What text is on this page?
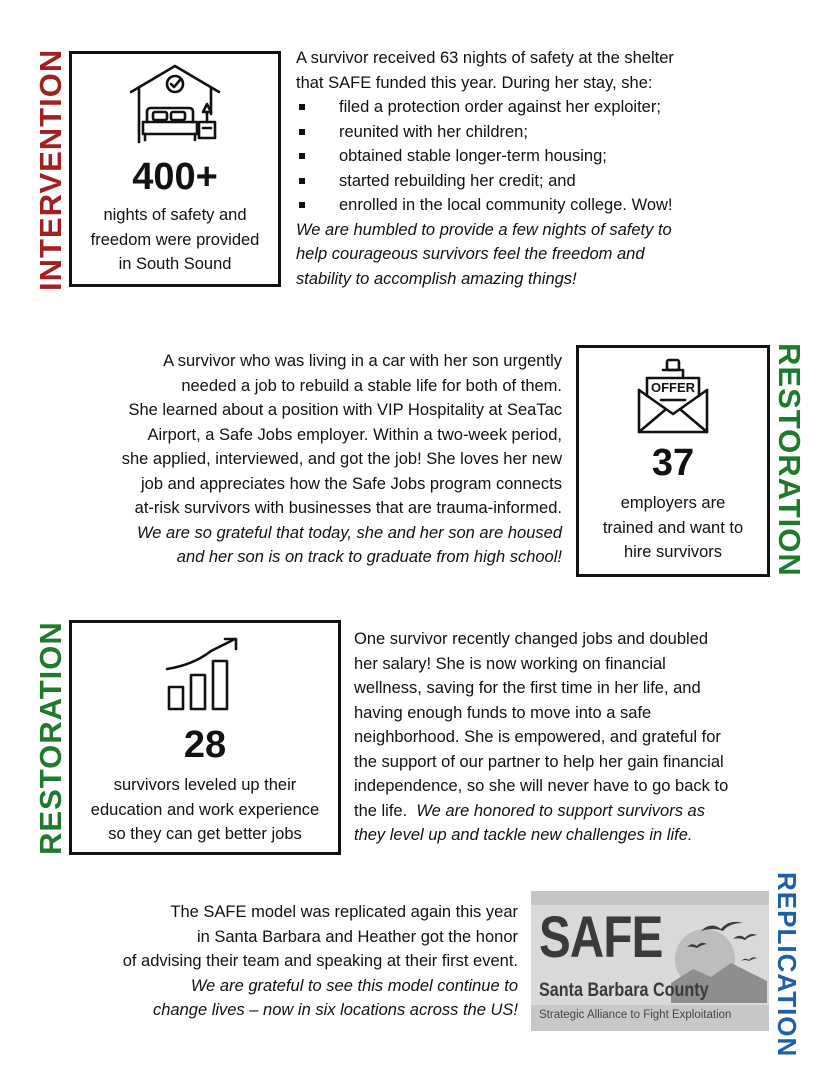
INTERVENTION	400+
nights of safety and
freedom were provided
in South Sound

A survivor received 63 nights of safety at the shelter

that SAFE funded this year. During her stay, she:

filed a protection order against her exploiter;
reunited with her children;
obtained stable longer-term housing;
started rebuilding her credit; and
enrolled in the local community college. Wow!

We are humbled to provide a few nights of safety to

help courageous survivors feel the freedom and

stability to accomplish amazing things!

A survivor who was living in a car with her son urgently

needed a job to rebuild a stable life for both of them.

She learned about a position with VIP Hospitality at SeaTac

Airport, a Safe Jobs employer. Within a two-week period,

she applied, interviewed, and got the job! She loves her new

job and appreciates how the Safe Jobs program connects

at-risk survivors with businesses that are trauma-informed.

We are so grateful that today, she and her son are housed

and her son is on track to graduate from high school!

OFFER
37
employers are
trained and want to
hire survivors	RESTORATION
RESTORATION	28
survivors leveled up their
education and work experience
so they can get better jobs

One survivor recently changed jobs and doubled

her salary! She is now working on financial

wellness, saving for the first time in her life, and

having enough funds to move into a safe

neighborhood. She is empowered, and grateful for

the support of our partner to help her gain financial

independence, so she will never have to go back to

the life.  We are honored to support survivors as

they level up and tackle new challenges in life.

The SAFE model was replicated again this year

in Santa Barbara and Heather got the honor

of advising their team and speaking at their first event.

We are grateful to see this model continue to

change lives – now in six locations across the US!

SAFE
Santa Barbara County
Strategic Alliance to Fight Exploitation REPLICATION
